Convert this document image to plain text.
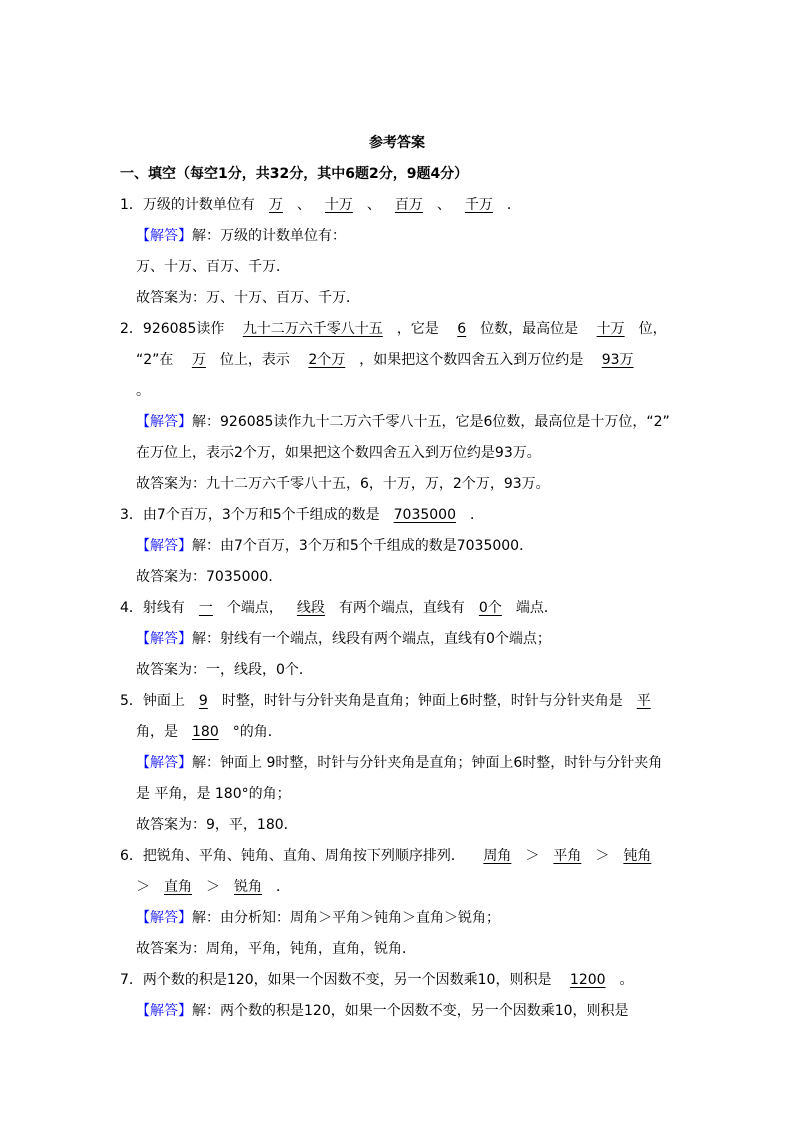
参考答案
一、填空（每空1分，共32分，其中6题2分，9题4分）
1．万级的计数单位有 万 、 十万 、 百万 、 千万 ．
【解答】解：万级的计数单位有：
万、十万、百万、千万．
故答案为：万、十万、百万、千万．
2．926085读作 九十二万六千零八十五 ，它是 6 位数，最高位是 十万 位，
“2”在 万 位上，表示 2个万 ，如果把这个数四舍五入到万位约是 93万
。
【解答】解：926085读作九十二万六千零八十五，它是6位数，最高位是十万位，“2”
在万位上，表示2个万，如果把这个数四舍五入到万位约是93万。
故答案为：九十二万六千零八十五，6，十万，万，2个万，93万。
3．由7个百万，3个万和5个千组成的数是 7035000 ．
【解答】解：由7个百万，3个万和5个千组成的数是7035000．
故答案为：7035000．
4．射线有 一 个端点， 线段 有两个端点，直线有 0个 端点．
【解答】解：射线有一个端点，线段有两个端点，直线有0个端点；
故答案为：一，线段，0个．
5．钟面上 9 时整，时针与分针夹角是直角；钟面上6时整，时针与分针夹角是 平
角，是 180 °的角．
【解答】解：钟面上 9时整，时针与分针夹角是直角；钟面上6时整，时针与分针夹角
是 平角，是 180°的角；
故答案为：9，平，180．
6．把锐角、平角、钝角、直角、周角按下列顺序排列． 周角 ＞ 平角 ＞ 钝角
＞ 直角 ＞ 锐角 ．
【解答】解：由分析知：周角＞平角＞钝角＞直角＞锐角；
故答案为：周角，平角，钝角，直角，锐角．
7．两个数的积是120，如果一个因数不变，另一个因数乘10，则积是 1200 。
【解答】解：两个数的积是120，如果一个因数不变，另一个因数乘10，则积是
